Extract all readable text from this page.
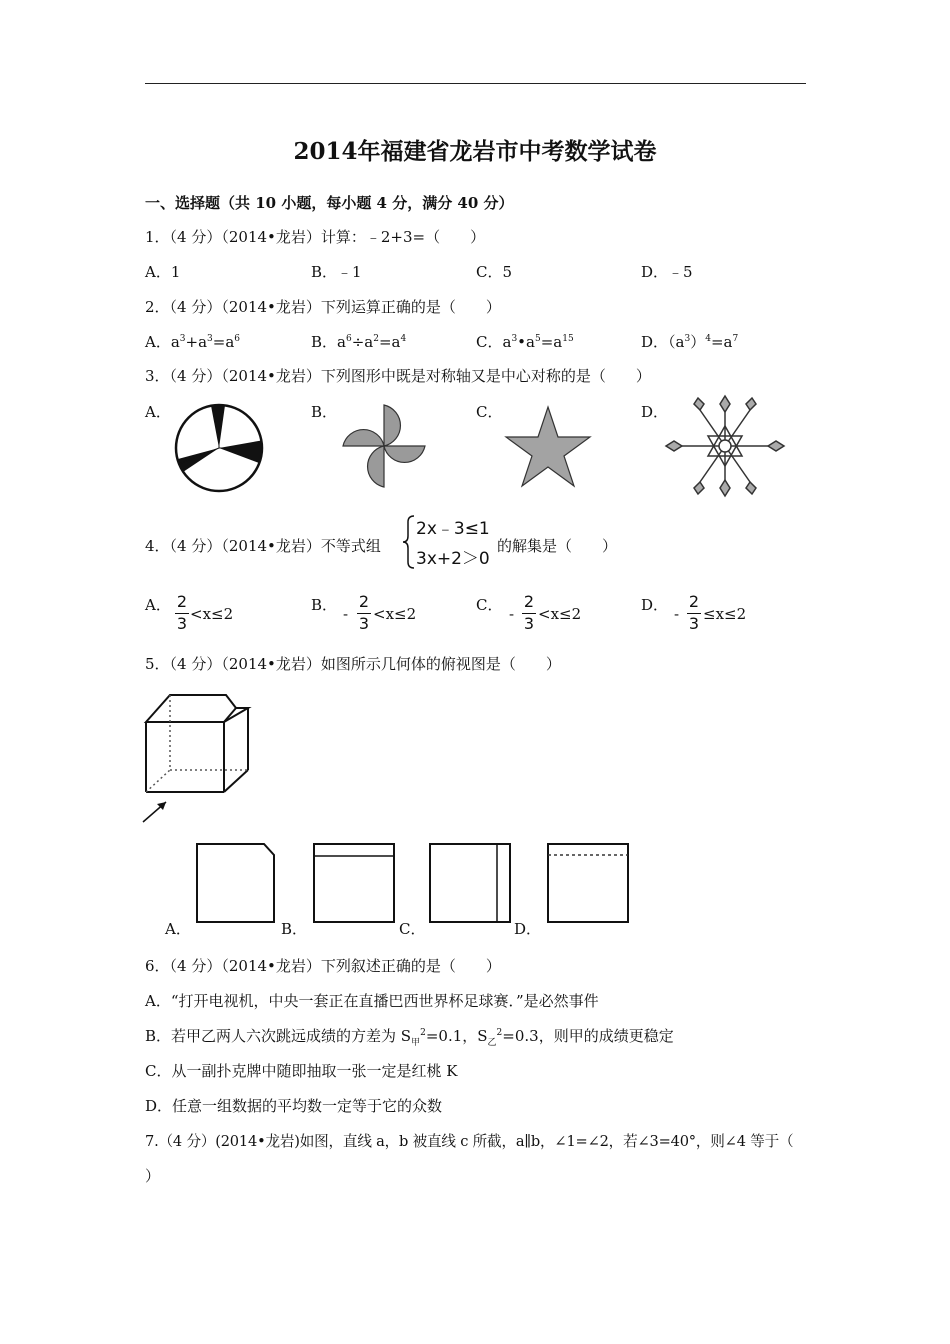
2014年福建省龙岩市中考数学试卷
一、选择题（共 10 小题，每小题 4 分，满分 40 分）
1．（4 分）（2014•龙岩）计算：﹣2+3=（　　）
A．1	B．﹣1	C．5	D．﹣5
2．（4 分）（2014•龙岩）下列运算正确的是（　　）
A．$a^3+a^3=a^6$	B．$a^6\div a^2=a^4$	C．$a^3•a^5=a^{15}$	D．$(a^3)^4=a^7$
3．（4 分）（2014•龙岩）下列图形中既是对称轴又是中心对称的是（　　）
A．	B．	C．	D．
4．（4 分）（2014•龙岩）不等式组
2x﹣3≤1
3x+2＞0
的解集是（　　）
A． 2
3 <x≤2	B． -
2
3 <x≤2	C． -
2
3 <x≤2	D． -
2
3 ≤x≤2
5．（4 分）（2014•龙岩）如图所示几何体的俯视图是（　　）
A．	B．	C．	D．
6．（4 分）（2014•龙岩）下列叙述正确的是（　　）
A．“打开电视机，中央一套正在直播巴西世界杯足球赛．”是必然事件
B．若甲乙两人六次跳远成绩的方差为 $S_甲^2=0.1$，$S_乙^2=0.3$，则甲的成绩更稳定
C．从一副扑克牌中随即抽取一张一定是红桃 K
D．任意一组数据的平均数一定等于它的众数
7.（4 分）(2014•龙岩)如图，直线 a，b 被直线 c 所截，a∥b，∠1=∠2，若∠3=40°，则∠4 等于（
）
